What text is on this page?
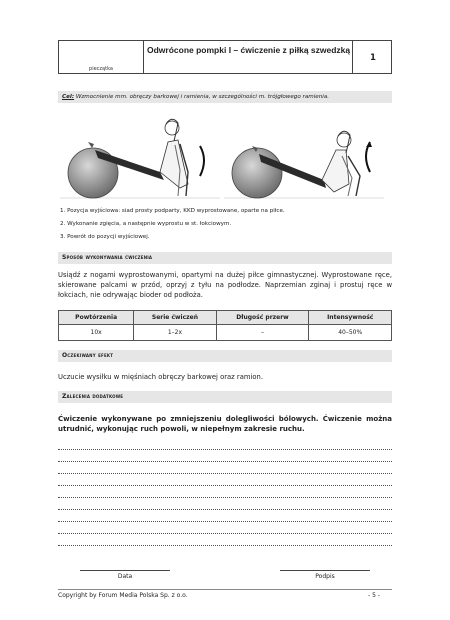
pieczątka
Odwrócone pompki I – ćwiczenie z piłką szwedzką
1
Cel: Wzmocnienie mm. obręczy barkowej i ramienia, w szczególności m. trójgłowego ramienia.
1. Pozycja wyjściowa: siad prosty podparty, KKD wyprostowane, oparte na piłce.
2. Wykonanie zgięcia, a następnie wyprostu w st. łokciowym.
3. Powrót do pozycji wyjściowej.
Sposób wykonywania ćwiczenia
Usiądź z nogami wyprostowanymi, opartymi na dużej piłce gimnastycznej. Wyprostowane ręce, skierowane palcami w przód, oprzyj z tyłu na podłodze. Naprzemian zginaj i prostuj ręce w łokciach, nie odrywając bioder od podłoża.
Powtórzenia	Serie ćwiczeń	Długość przerw	Intensywność
10x	1–2x	–	40–50%
Oczekiwany efekt
Uczucie wysiłku w mięśniach obręczy barkowej oraz ramion.
Zalecenia dodatkowe
Ćwiczenie wykonywane po zmniejszeniu dolegliwości bólowych. Ćwiczenie można utrudnić, wykonując ruch powoli, w niepełnym zakresie ruchu.
Data	Podpis
Copyright by Forum Media Polska Sp. z o.o.	- 5 -
